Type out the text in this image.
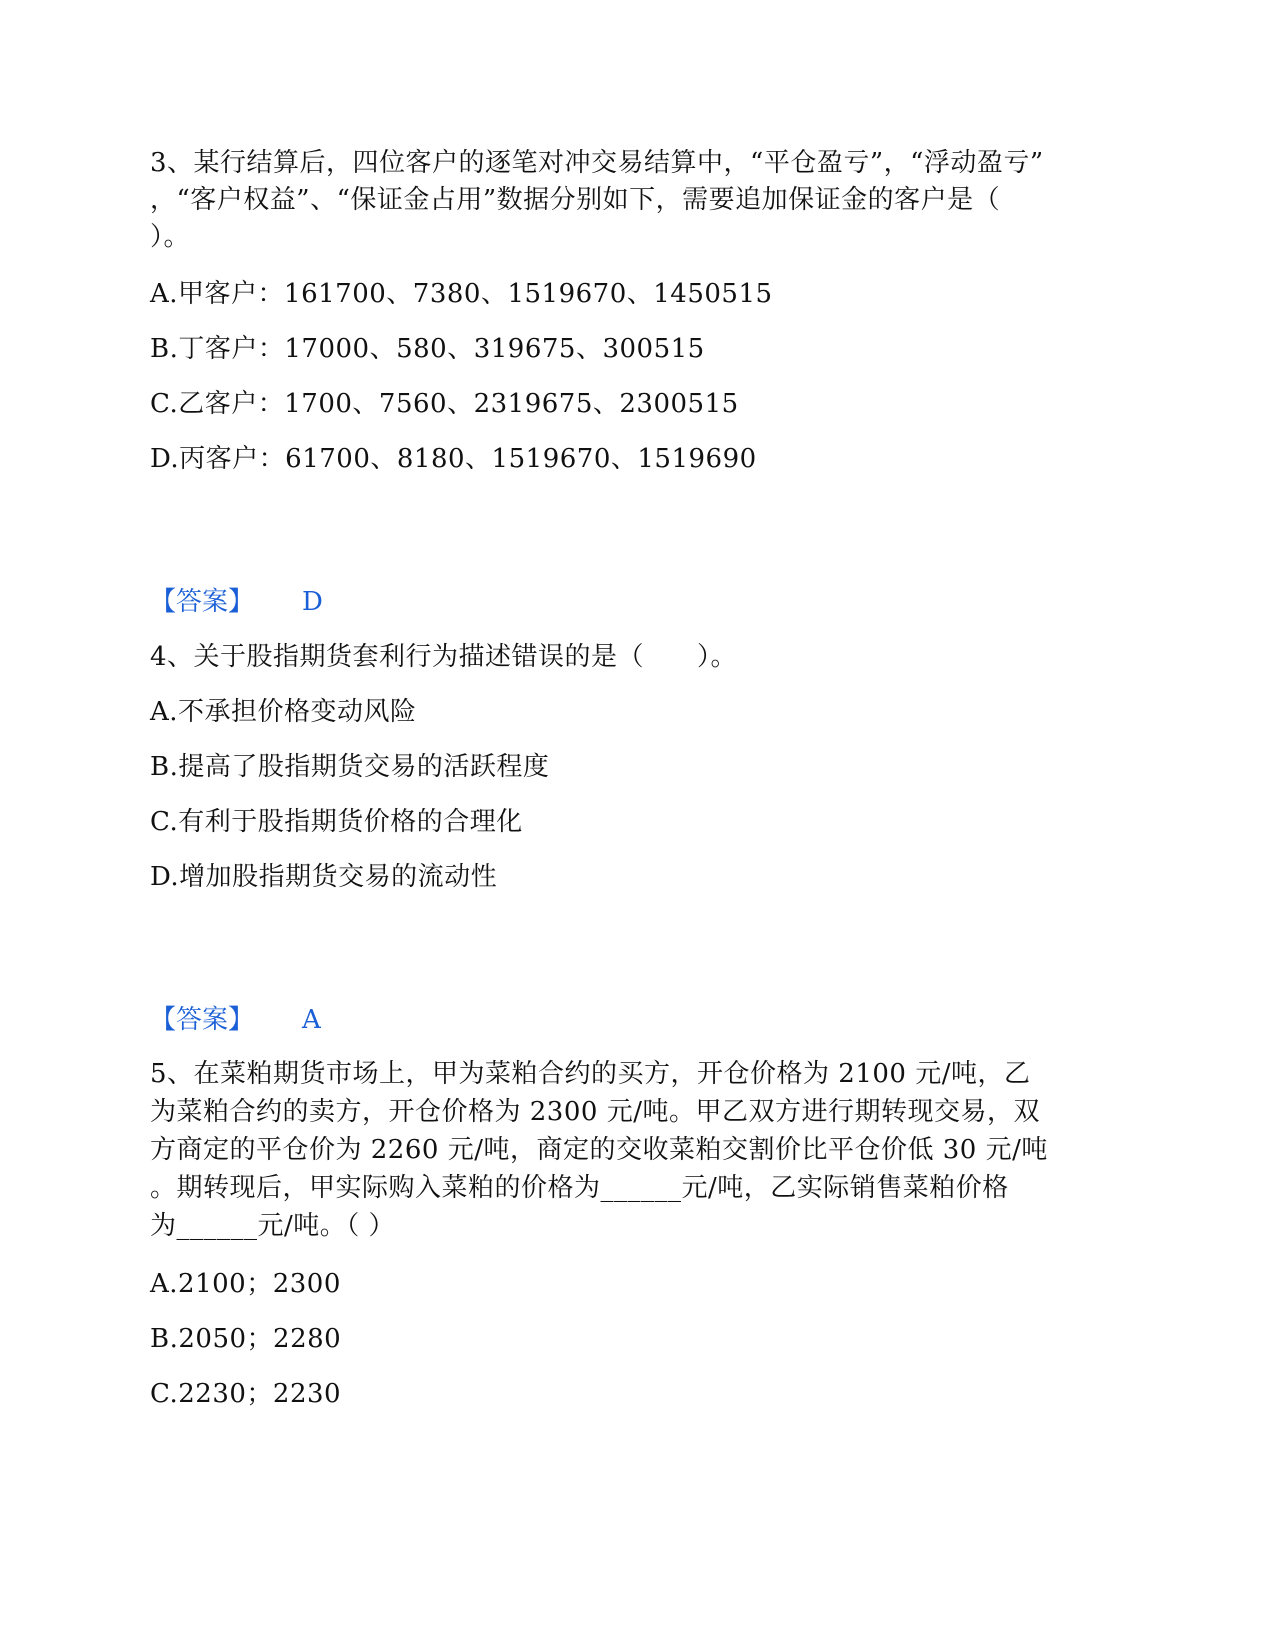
3、某行结算后，四位客户的逐笔对冲交易结算中，“平仓盈亏”，“浮动盈亏”
，“客户权益”、“保证金占用”数据分别如下，需要追加保证金的客户是（
）。
A.甲客户：161700、7380、1519670、1450515
B.丁客户：17000、580、319675、300515
C.乙客户：1700、7560、2319675、2300515
D.丙客户：61700、8180、1519670、1519690
【答案】 D
4、关于股指期货套利行为描述错误的是（　　）。
A.不承担价格变动风险
B.提高了股指期货交易的活跃程度
C.有利于股指期货价格的合理化
D.增加股指期货交易的流动性
【答案】 A
5、在菜粕期货市场上，甲为菜粕合约的买方，开仓价格为 2100 元/吨，乙
为菜粕合约的卖方，开仓价格为 2300 元/吨。甲乙双方进行期转现交易，双
方商定的平仓价为 2260 元/吨，商定的交收菜粕交割价比平仓价低 30 元/吨
。期转现后，甲实际购入菜粕的价格为______元/吨，乙实际销售菜粕价格
为______元/吨。（ ）
A.2100；2300
B.2050；2280
C.2230；2230
